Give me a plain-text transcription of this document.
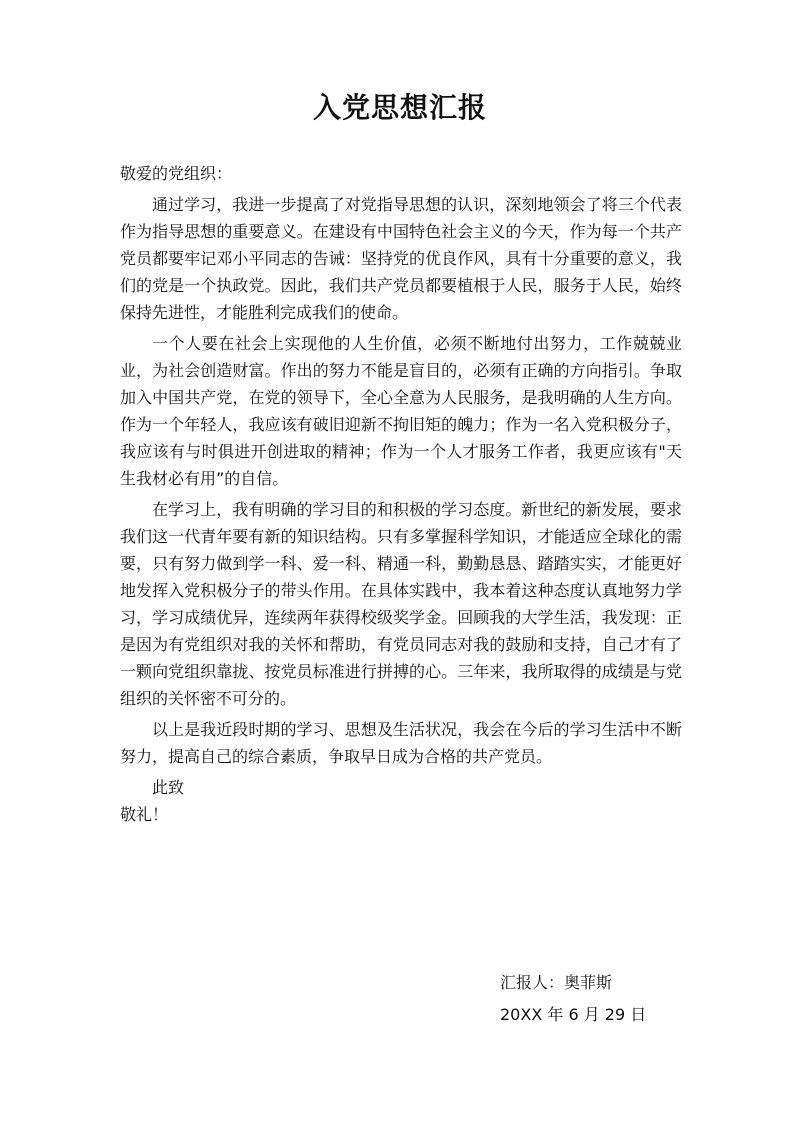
入党思想汇报

敬爱的党组织：

通过学习，我进一步提高了对党指导思想的认识，深刻地领会了将三个代表作为指导思想的重要意义。在建设有中国特色社会主义的今天，作为每一个共产党员都要牢记邓小平同志的告诫：坚持党的优良作风，具有十分重要的意义，我们的党是一个执政党。因此，我们共产党员都要植根于人民，服务于人民，始终保持先进性，才能胜利完成我们的使命。

一个人要在社会上实现他的人生价值，必须不断地付出努力，工作兢兢业业，为社会创造财富。作出的努力不能是盲目的，必须有正确的方向指引。争取加入中国共产党，在党的领导下，全心全意为人民服务，是我明确的人生方向。作为一个年轻人，我应该有破旧迎新不拘旧矩的魄力；作为一名入党积极分子，我应该有与时俱进开创进取的精神；作为一个人才服务工作者，我更应该有"天生我材必有用”的自信。

在学习上，我有明确的学习目的和积极的学习态度。新世纪的新发展，要求我们这一代青年要有新的知识结构。只有多掌握科学知识，才能适应全球化的需要，只有努力做到学一科、爱一科、精通一科，勤勤恳恳、踏踏实实，才能更好地发挥入党积极分子的带头作用。在具体实践中，我本着这种态度认真地努力学习，学习成绩优异，连续两年获得校级奖学金。回顾我的大学生活，我发现：正是因为有党组织对我的关怀和帮助，有党员同志对我的鼓励和支持，自己才有了一颗向党组织靠拢、按党员标准进行拼搏的心。三年来，我所取得的成绩是与党组织的关怀密不可分的。

以上是我近段时期的学习、思想及生活状况，我会在今后的学习生活中不断努力，提高自己的综合素质，争取早日成为合格的共产党员。

此致

敬礼！

汇报人：奥菲斯
20XX 年 6 月 29 日
